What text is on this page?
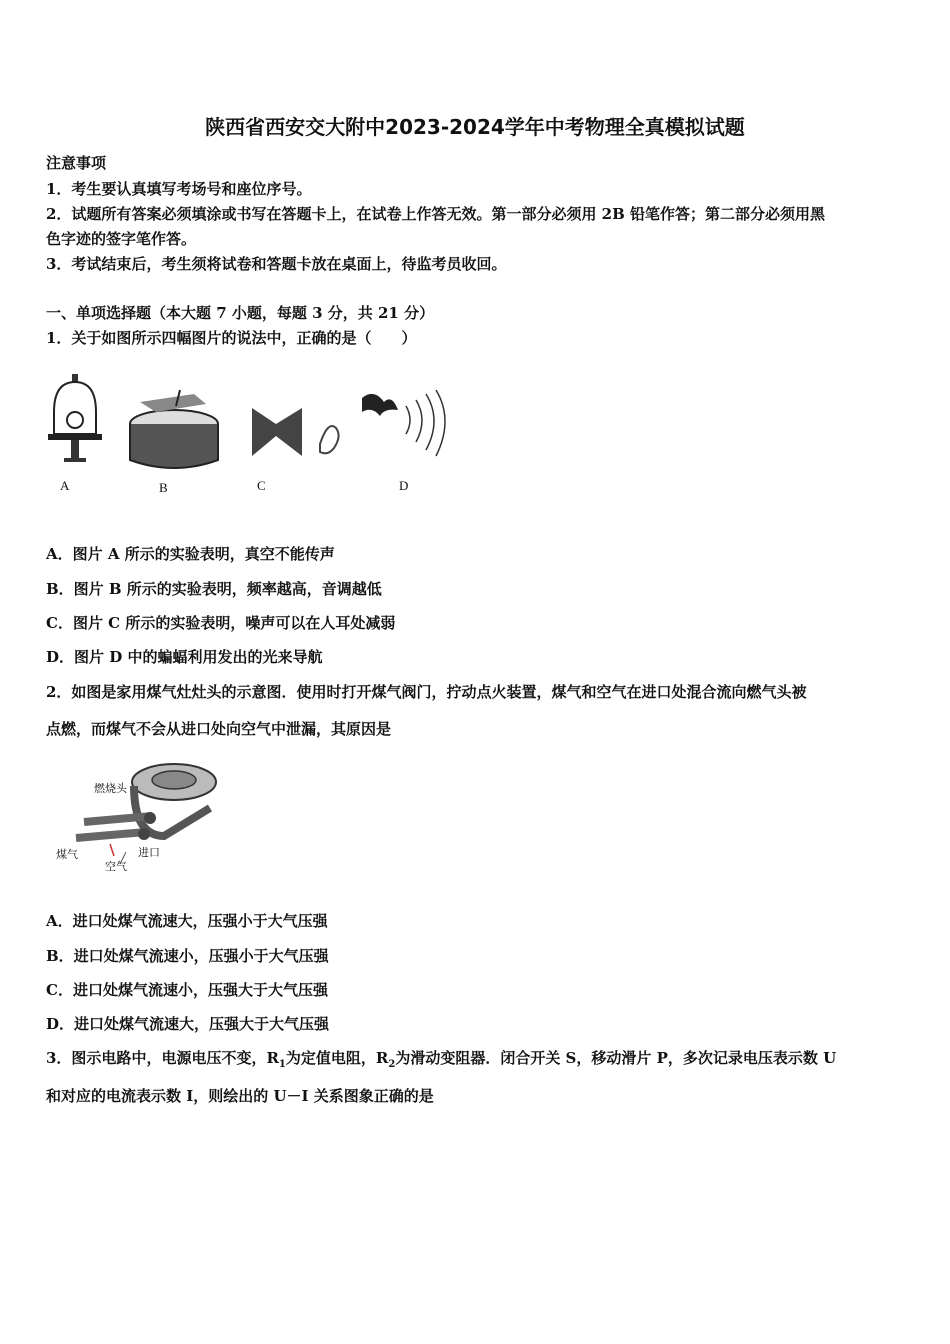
陕西省西安交大附中2023-2024学年中考物理全真模拟试题
注意事项
1．考生要认真填写考场号和座位序号。
2．试题所有答案必须填涂或书写在答题卡上，在试卷上作答无效。第一部分必须用 2B 铅笔作答；第二部分必须用黑
色字迹的签字笔作答。
3．考试结束后，考生须将试卷和答题卡放在桌面上，待监考员收回。
一、单项选择题（本大题 7 小题，每题 3 分，共 21 分）
1．关于如图所示四幅图片的说法中，正确的是（　　）
A	B	C	D
A．图片 A 所示的实验表明，真空不能传声
B．图片 B 所示的实验表明，频率越高，音调越低
C．图片 C 所示的实验表明，噪声可以在人耳处减弱
D．图片 D 中的蝙蝠利用发出的光来导航
2．如图是家用煤气灶灶头的示意图．使用时打开煤气阀门，拧动点火装置，煤气和空气在进口处混合流向燃气头被
点燃，而煤气不会从进口处向空气中泄漏，其原因是
燃烧头
煤气	进口
空气
A．进口处煤气流速大，压强小于大气压强
B．进口处煤气流速小，压强小于大气压强
C．进口处煤气流速小，压强大于大气压强
D．进口处煤气流速大，压强大于大气压强
3．图示电路中，电源电压不变，$R_1$为定值电阻，$R_2$为滑动变阻器．闭合开关 S，移动滑片 P，多次记录电压表示数 U
和对应的电流表示数 I，则绘出的 U－I 关系图象正确的是
